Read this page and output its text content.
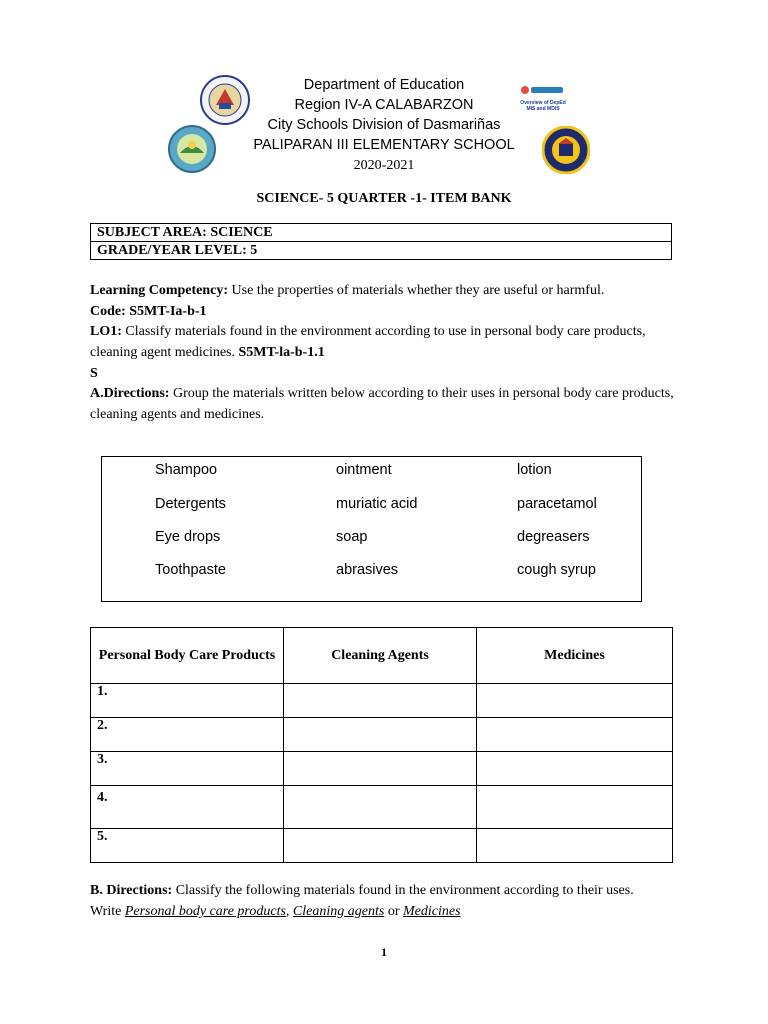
Overview of DepEd MIS and MDIS
Department of Education
Region IV-A CALABARZON
City Schools Division of Dasmariñas
PALIPARAN III ELEMENTARY SCHOOL
2020-2021
SCIENCE- 5 QUARTER -1- ITEM BANK
SUBJECT AREA: SCIENCE
GRADE/YEAR LEVEL: 5
Learning Competency: Use the properties of materials whether they are useful or harmful.
Code: S5MT-Ia-b-1
LO1: Classify materials found in the environment according to use in personal body care products, cleaning agent medicines. S5MT-la-b-1.1
S
A.Directions: Group the materials written below according to their uses in personal body care products, cleaning agents and medicines.
Shampoo	ointment	lotion
Detergents	muriatic acid	paracetamol
Eye drops	soap	degreasers
Toothpaste	abrasives	cough syrup
Personal Body Care Products	Cleaning Agents	Medicines
1.		
2.		
3.		
4.		
5.		
B. Directions: Classify the following materials found in the environment according to their uses.
Write Personal body care products, Cleaning agents or Medicines
1
